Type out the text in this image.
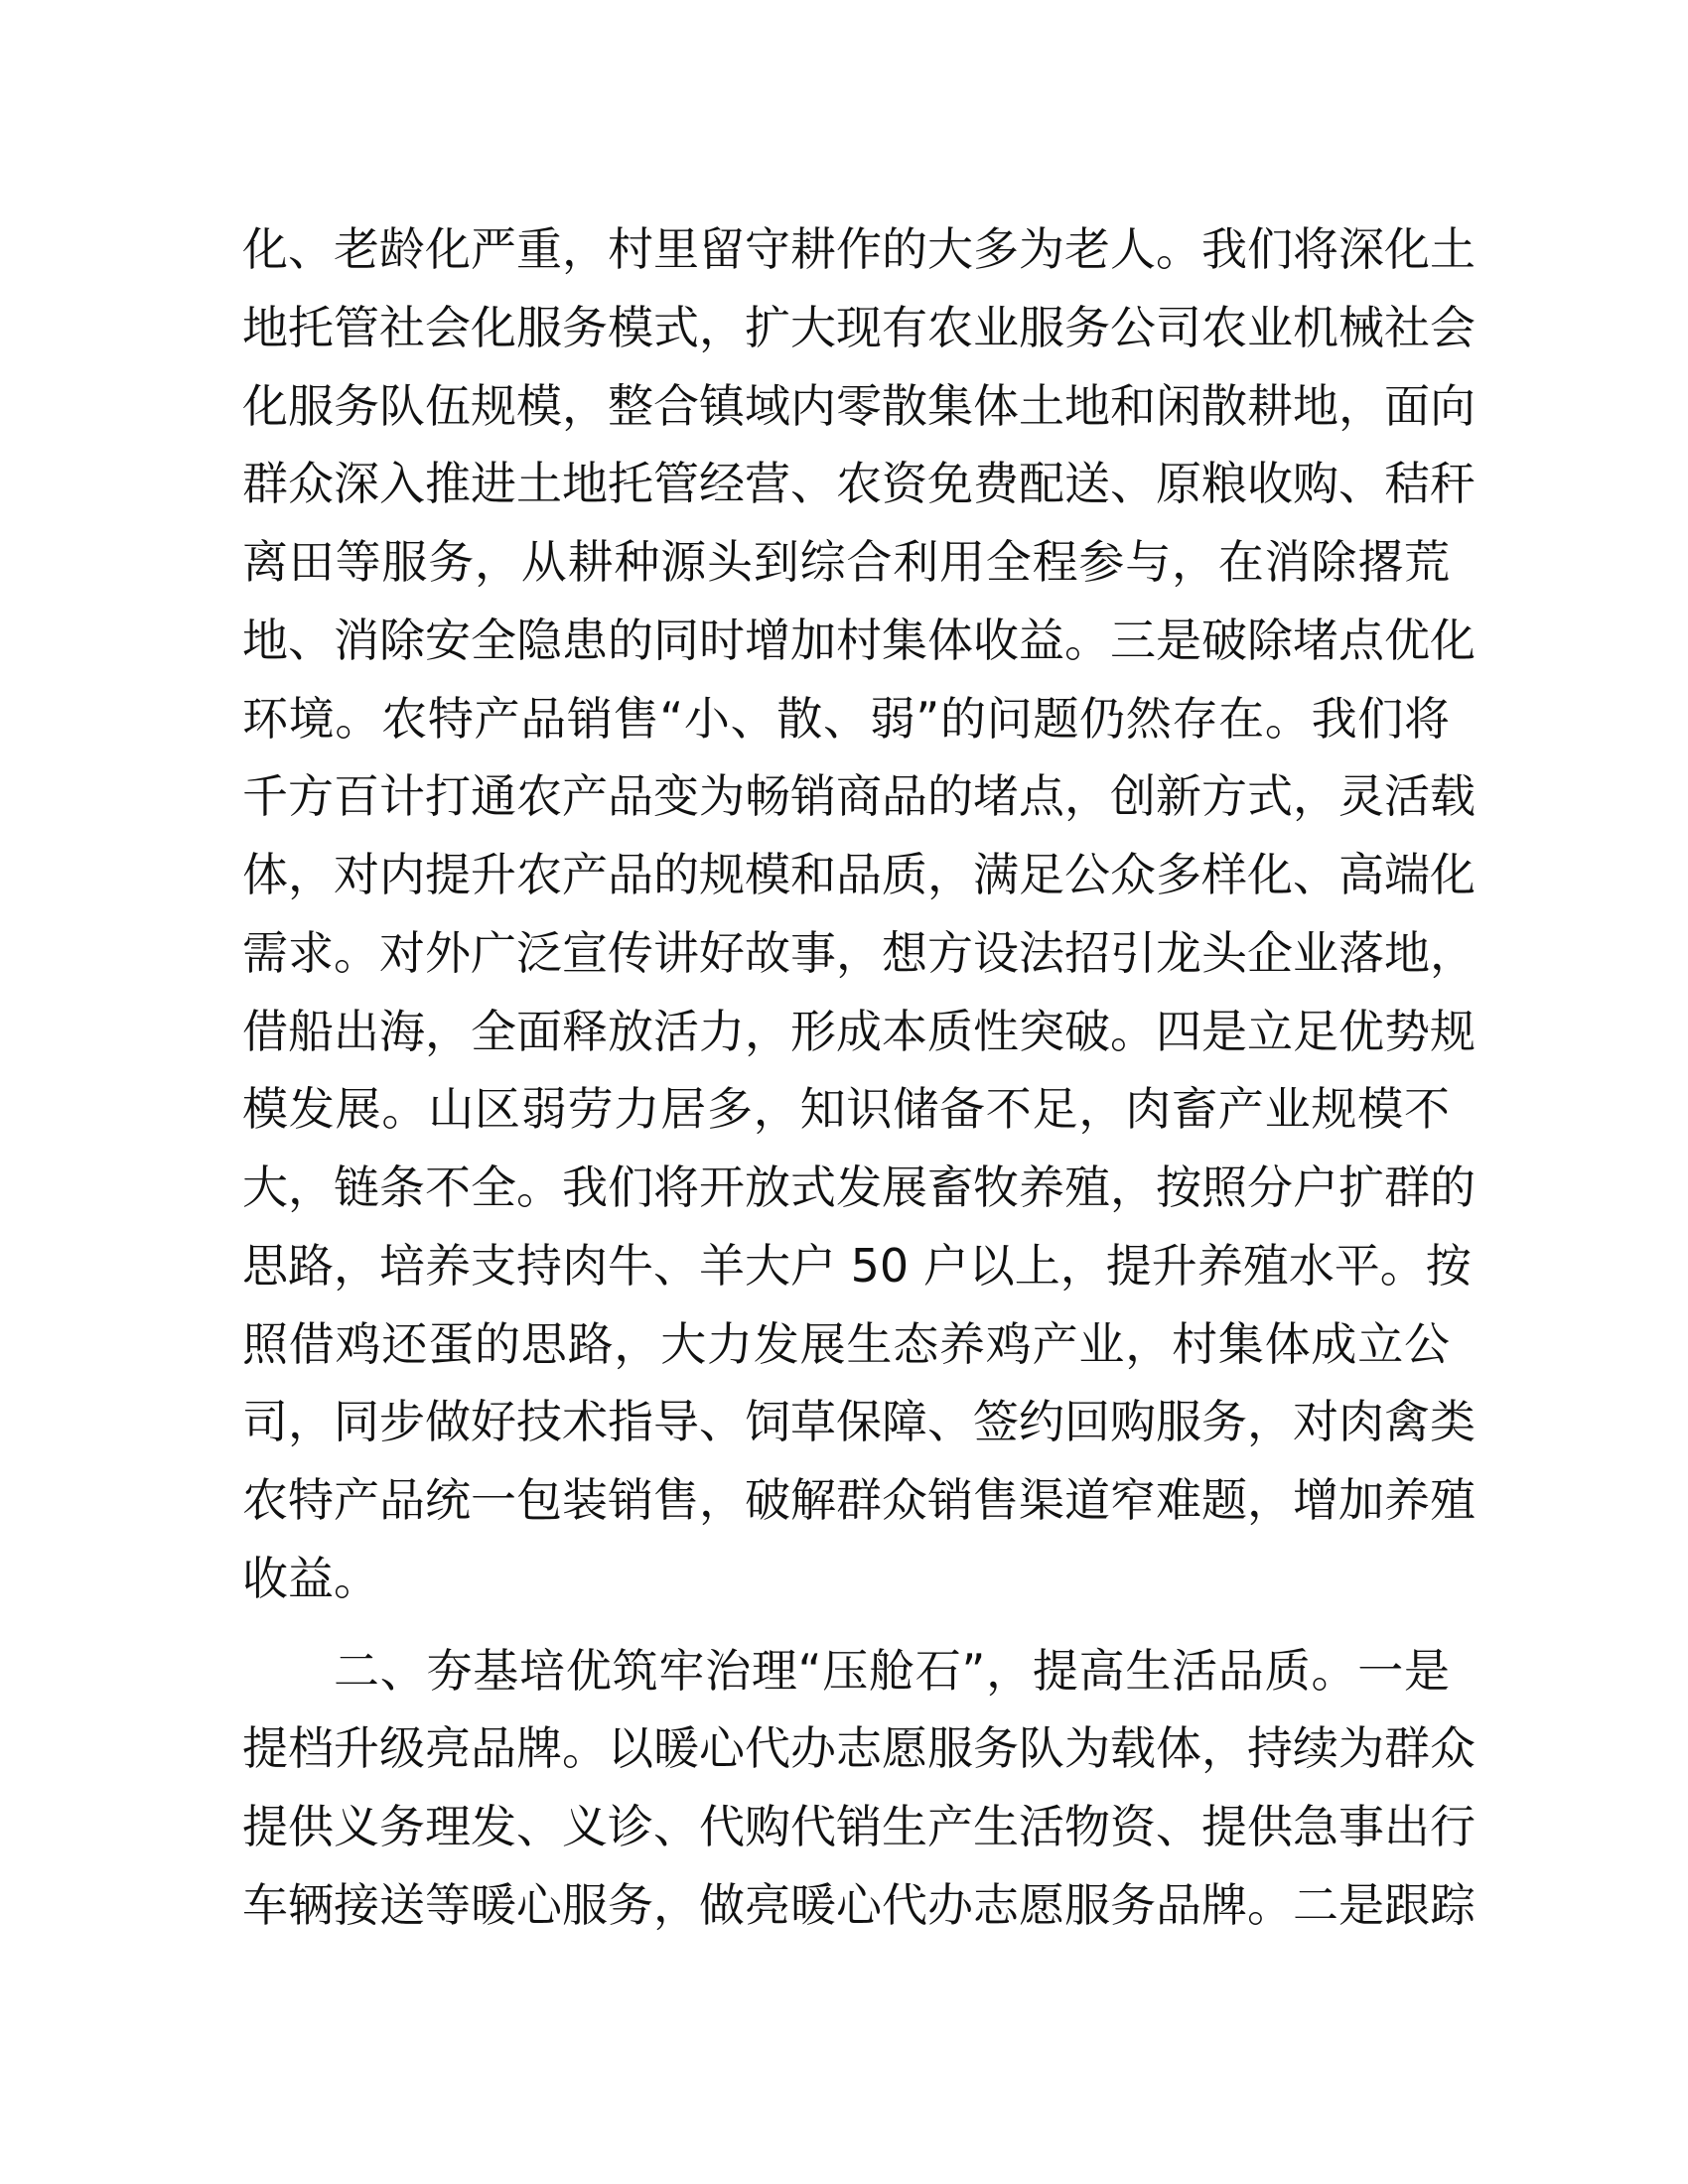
化、老龄化严重，村里留守耕作的大多为老人。我们将深化土
地托管社会化服务模式，扩大现有农业服务公司农业机械社会
化服务队伍规模，整合镇域内零散集体土地和闲散耕地，面向
群众深入推进土地托管经营、农资免费配送、原粮收购、秸秆
离田等服务，从耕种源头到综合利用全程参与，在消除撂荒
地、消除安全隐患的同时增加村集体收益。三是破除堵点优化
环境。农特产品销售“小、散、弱”的问题仍然存在。我们将
千方百计打通农产品变为畅销商品的堵点，创新方式，灵活载
体，对内提升农产品的规模和品质，满足公众多样化、高端化
需求。对外广泛宣传讲好故事，想方设法招引龙头企业落地，
借船出海，全面释放活力，形成本质性突破。四是立足优势规
模发展。山区弱劳力居多，知识储备不足，肉畜产业规模不
大，链条不全。我们将开放式发展畜牧养殖，按照分户扩群的
思路，培养支持肉牛、羊大户 50 户以上，提升养殖水平。按
照借鸡还蛋的思路，大力发展生态养鸡产业，村集体成立公
司，同步做好技术指导、饲草保障、签约回购服务，对肉禽类
农特产品统一包装销售，破解群众销售渠道窄难题，增加养殖
收益。
二、夯基培优筑牢治理“压舱石”，提高生活品质。一是
提档升级亮品牌。以暖心代办志愿服务队为载体，持续为群众
提供义务理发、义诊、代购代销生产生活物资、提供急事出行
车辆接送等暖心服务，做亮暖心代办志愿服务品牌。二是跟踪
